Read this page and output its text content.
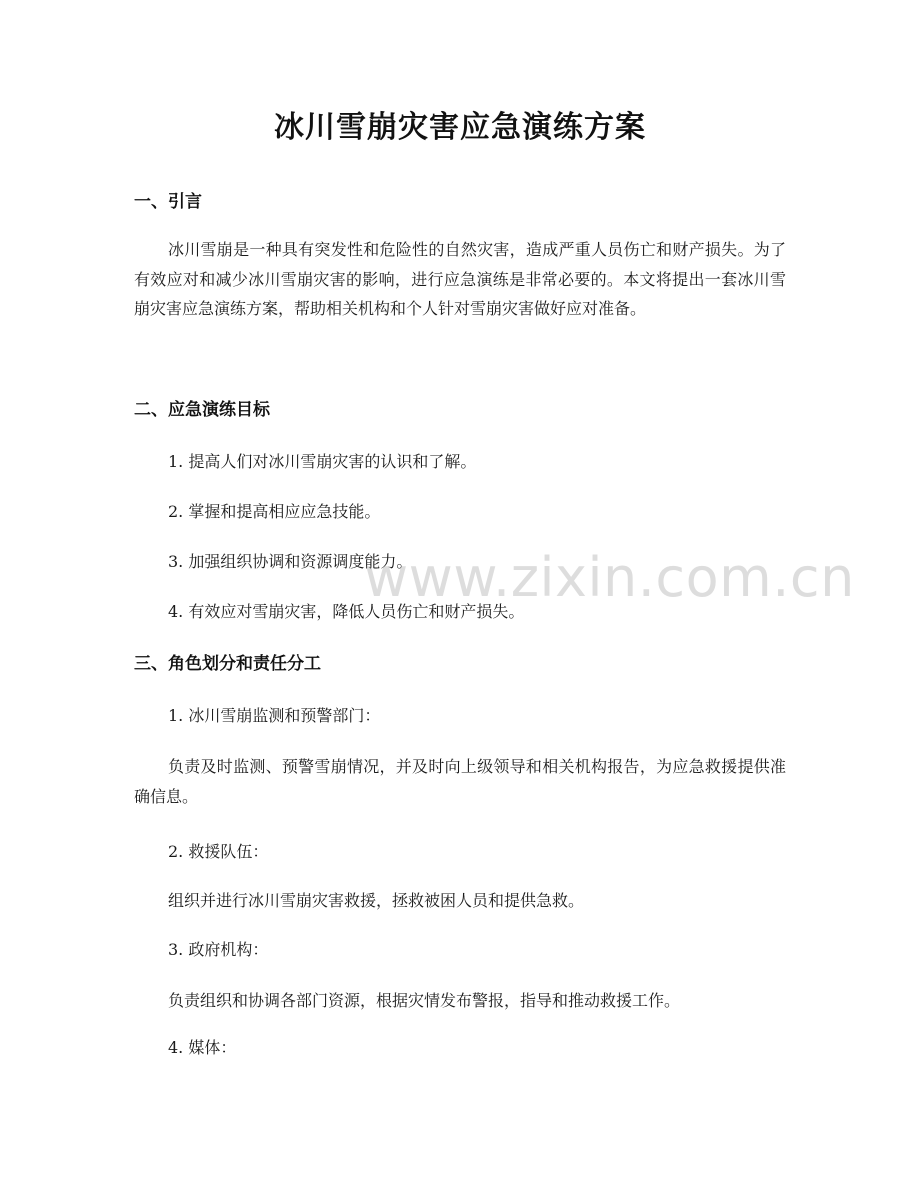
冰川雪崩灾害应急演练方案
一、引言
冰川雪崩是一种具有突发性和危险性的自然灾害，造成严重人员伤亡和财产损失。为了有效应对和减少冰川雪崩灾害的影响，进行应急演练是非常必要的。本文将提出一套冰川雪崩灾害应急演练方案，帮助相关机构和个人针对雪崩灾害做好应对准备。
二、应急演练目标
1. 提高人们对冰川雪崩灾害的认识和了解。
2. 掌握和提高相应应急技能。
3. 加强组织协调和资源调度能力。
4. 有效应对雪崩灾害，降低人员伤亡和财产损失。
三、角色划分和责任分工
1. 冰川雪崩监测和预警部门：
负责及时监测、预警雪崩情况，并及时向上级领导和相关机构报告，为应急救援提供准确信息。
2. 救援队伍：
组织并进行冰川雪崩灾害救援，拯救被困人员和提供急救。
3. 政府机构：
负责组织和协调各部门资源，根据灾情发布警报，指导和推动救援工作。
4. 媒体：
www.zixin.com.cn
